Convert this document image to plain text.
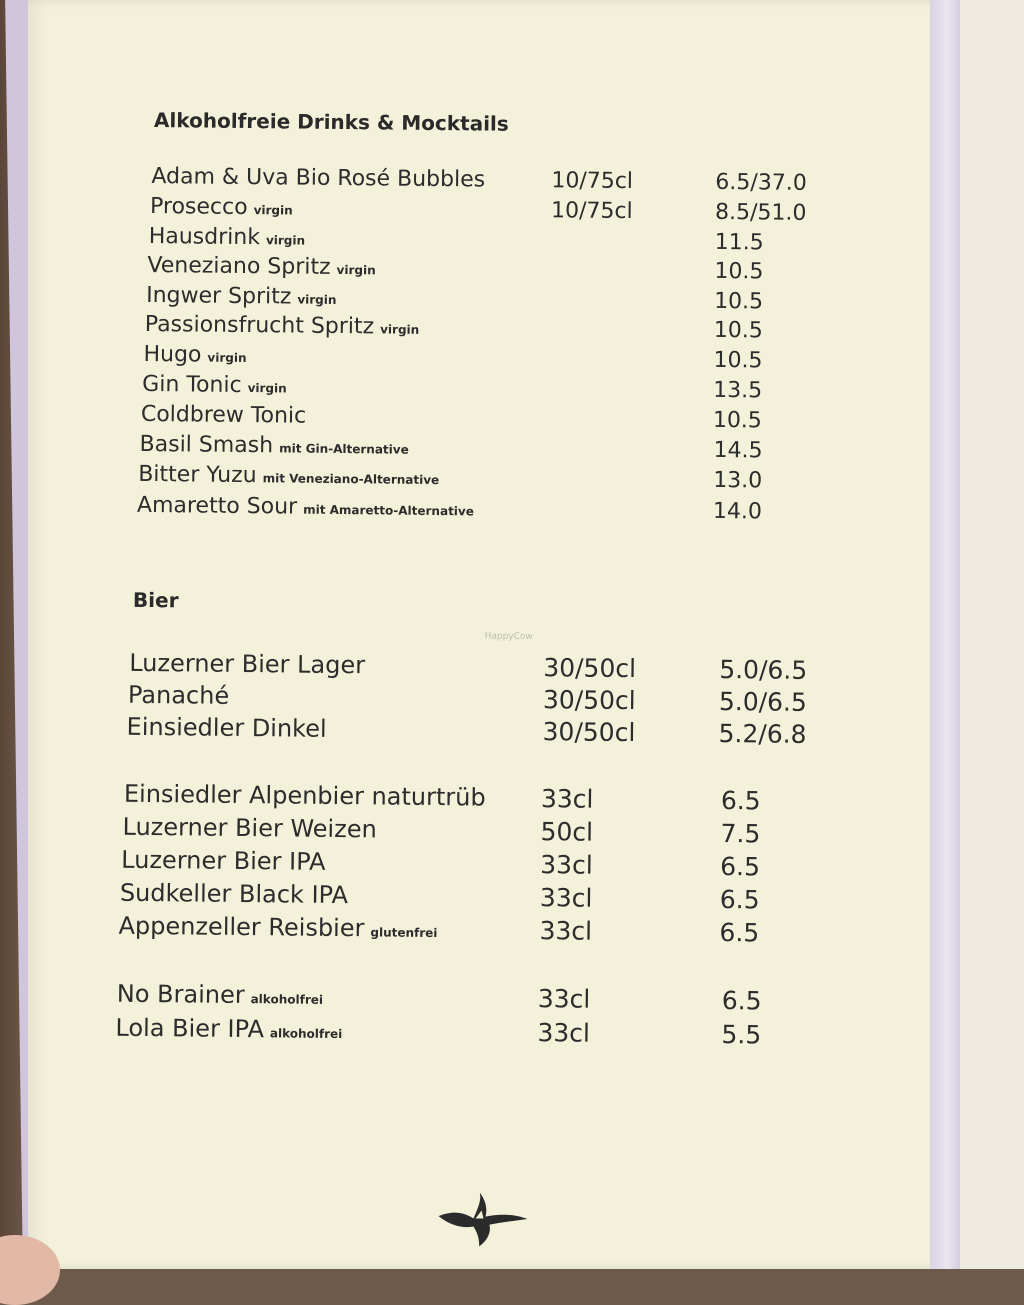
Alkoholfreie Drinks & Mocktails
Adam & Uva Bio Rosé Bubbles	10/75cl	6.5/37.0
Prosecco virgin	10/75cl	8.5/51.0
Hausdrink virgin	11.5
Veneziano Spritz virgin	10.5
Ingwer Spritz virgin	10.5
Passionsfrucht Spritz virgin	10.5
Hugo virgin	10.5
Gin Tonic virgin	13.5
Coldbrew Tonic	10.5
Basil Smash mit Gin-Alternative	14.5
Bitter Yuzu mit Veneziano-Alternative	13.0
Amaretto Sour mit Amaretto-Alternative	14.0
Bier
HappyCow
Luzerner Bier Lager	30/50cl	5.0/6.5
Panaché	30/50cl	5.0/6.5
Einsiedler Dinkel	30/50cl	5.2/6.8
Einsiedler Alpenbier naturtrüb 33cl	6.5
Luzerner Bier Weizen	50cl	7.5
Luzerner Bier IPA	33cl	6.5
Sudkeller Black IPA	33cl	6.5
Appenzeller Reisbier glutenfrei	33cl	6.5
No Brainer alkoholfrei	33cl	6.5
Lola Bier IPA alkoholfrei	33cl	5.5
